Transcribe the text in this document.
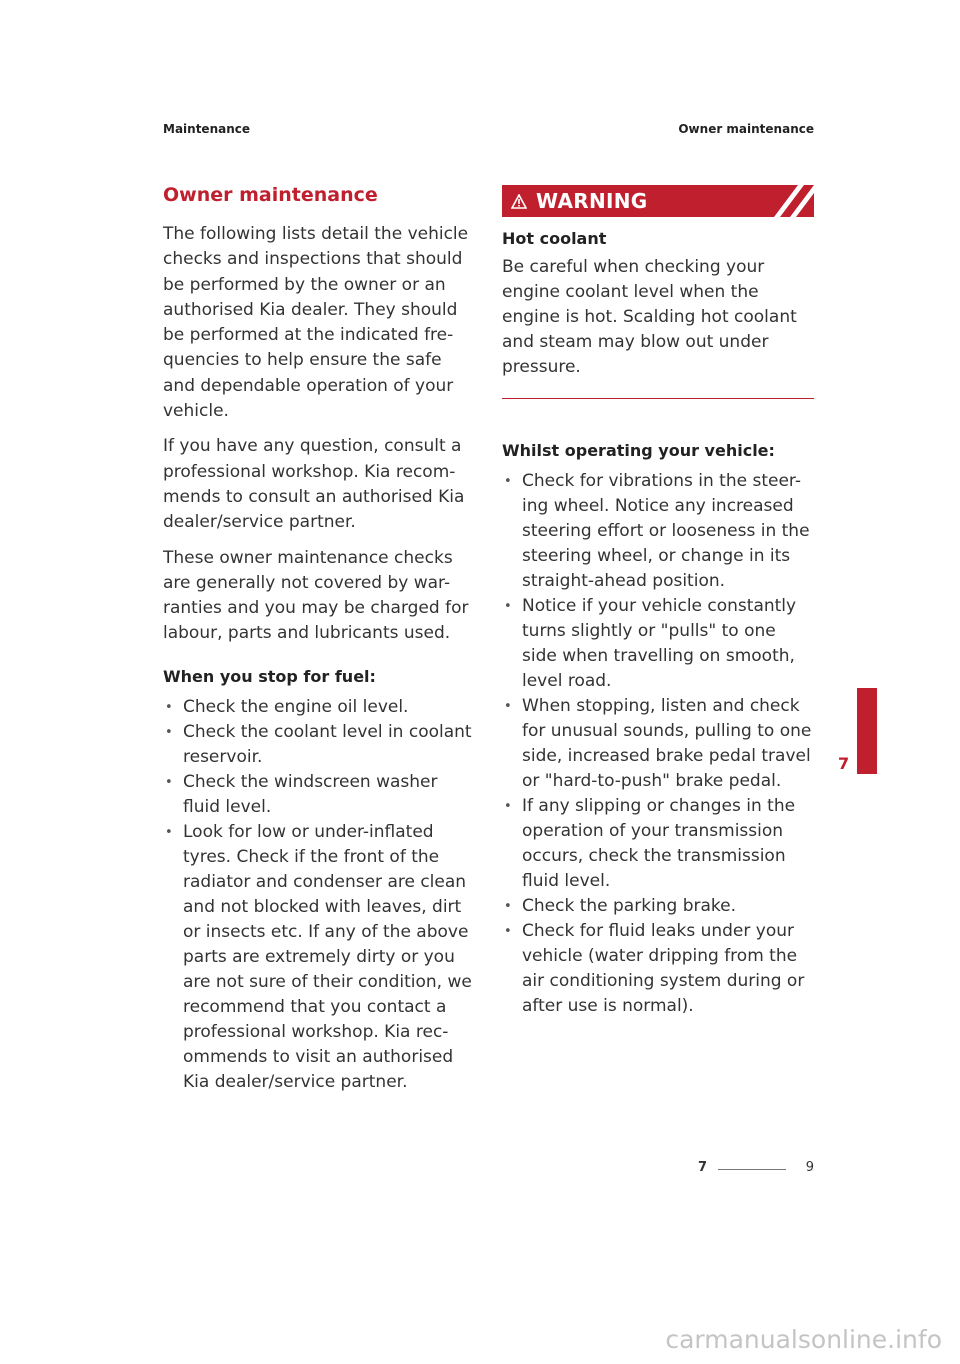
Maintenance	Owner maintenance
Owner maintenance

The following lists detail the vehicle checks and inspections that should be performed by the owner or an authorised Kia dealer. They should be performed at the indicated fre- quencies to help ensure the safe and dependable operation of your vehicle.

If you have any question, consult a professional workshop. Kia recom- mends to consult an authorised Kia dealer/service partner.

These owner maintenance checks are generally not covered by war- ranties and you may be charged for labour, parts and lubricants used.

When you stop for fuel:
• Check the engine oil level.
• Check the coolant level in coolant reservoir.
• Check the windscreen washer fluid level.
• Look for low or under-inflated tyres. Check if the front of the radiator and condenser are clean and not blocked with leaves, dirt or insects etc. If any of the above parts are extremely dirty or you are not sure of their condition, we recommend that you contact a professional workshop. Kia rec- ommends to visit an authorised Kia dealer/service partner.
WARNING
Hot coolant

Be careful when checking your engine coolant level when the engine is hot. Scalding hot coolant and steam may blow out under pressure.

Whilst operating your vehicle:
• Check for vibrations in the steer- ing wheel. Notice any increased steering effort or looseness in the steering wheel, or change in its straight-ahead position.
• Notice if your vehicle constantly turns slightly or "pulls" to one side when travelling on smooth, level road.
• When stopping, listen and check for unusual sounds, pulling to one side, increased brake pedal travel or "hard-to-push" brake pedal.
• If any slipping or changes in the operation of your transmission occurs, check the transmission fluid level.
• Check the parking brake.
• Check for fluid leaks under your vehicle (water dripping from the air conditioning system during or after use is normal).
7
7	9
carmanualsonline.info
